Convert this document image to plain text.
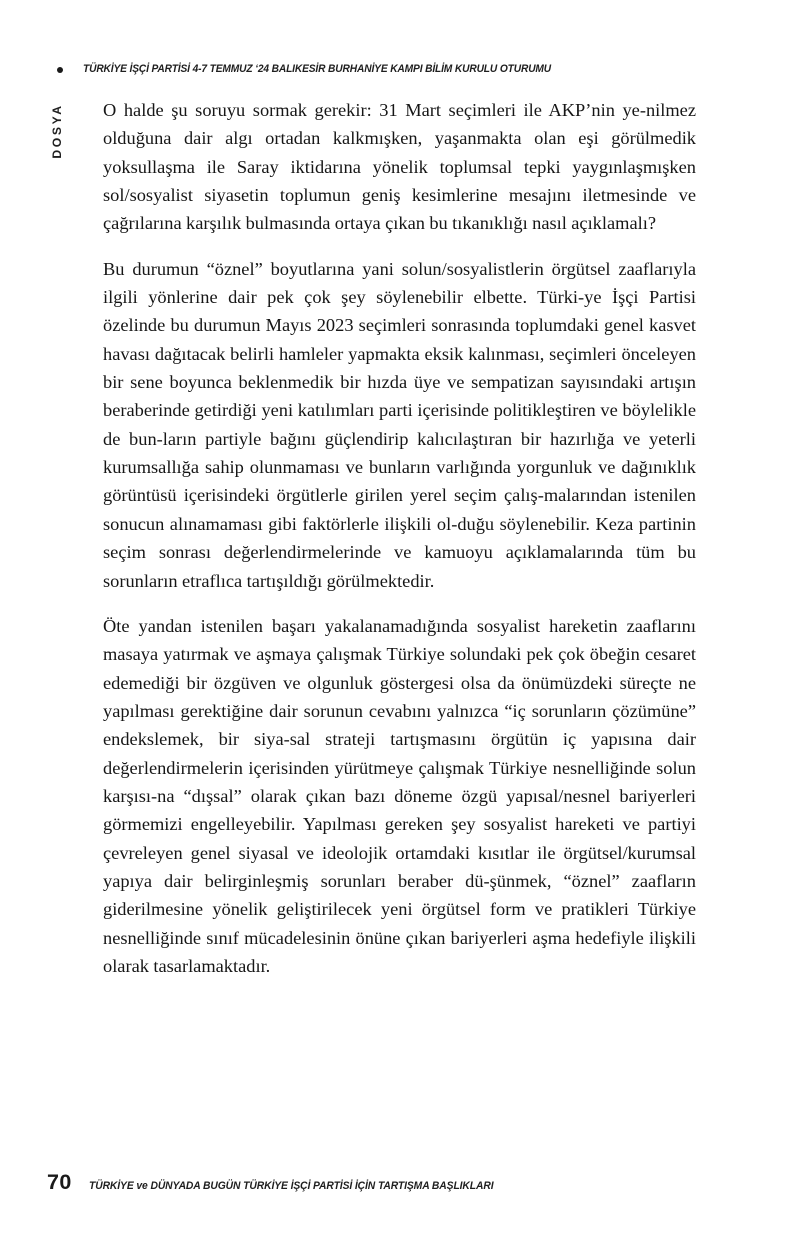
TÜRKİYE İŞÇİ PARTİSİ 4-7 TEMMUZ ‘24 BALIKESİR BURHANİYE KAMPI BİLİM KURULU OTURUMU
DOSYA O halde şu soruyu sormak gerekir: 31 Mart seçimleri ile AKP’nin ye-nilmez olduğuna dair algı ortadan kalkmışken, yaşanmakta olan eşi görülmedik yoksullaşma ile Saray iktidarına yönelik toplumsal tepki yaygınlaşmışken sol/sosyalist siyasetin toplumun geniş kesimlerine mesajını iletmesinde ve çağrılarına karşılık bulmasında ortaya çıkan bu tıkanıklığı nasıl açıklamalı?

Bu durumun “öznel” boyutlarına yani solun/sosyalistlerin örgütsel zaaflarıyla ilgili yönlerine dair pek çok şey söylenebilir elbette. Türki-ye İşçi Partisi özelinde bu durumun Mayıs 2023 seçimleri sonrasında toplumdaki genel kasvet havası dağıtacak belirli hamleler yapmakta eksik kalınması, seçimleri önceleyen bir sene boyunca beklenmedik bir hızda üye ve sempatizan sayısındaki artışın beraberinde getirdiği yeni katılımları parti içerisinde politikleştiren ve böylelikle de bun-ların partiyle bağını güçlendirip kalıcılaştıran bir hazırlığa ve yeterli kurumsallığa sahip olunmaması ve bunların varlığında yorgunluk ve dağınıklık görüntüsü içerisindeki örgütlerle girilen yerel seçim çalış-malarından istenilen sonucun alınamaması gibi faktörlerle ilişkili ol-duğu söylenebilir. Keza partinin seçim sonrası değerlendirmelerinde ve kamuoyu açıklamalarında tüm bu sorunların etraflıca tartışıldığı görülmektedir.

Öte yandan istenilen başarı yakalanamadığında sosyalist hareketin zaaflarını masaya yatırmak ve aşmaya çalışmak Türkiye solundaki pek çok öbeğin cesaret edemediği bir özgüven ve olgunluk göstergesi olsa da önümüzdeki süreçte ne yapılması gerektiğine dair sorunun cevabını yalnızca “iç sorunların çözümüne” endekslemek, bir siya-sal strateji tartışmasını örgütün iç yapısına dair değerlendirmelerin içerisinden yürütmeye çalışmak Türkiye nesnelliğinde solun karşısı-na “dışsal” olarak çıkan bazı döneme özgü yapısal/nesnel bariyerleri görmemizi engelleyebilir. Yapılması gereken şey sosyalist hareketi ve partiyi çevreleyen genel siyasal ve ideolojik ortamdaki kısıtlar ile örgütsel/kurumsal yapıya dair belirginleşmiş sorunları beraber dü-şünmek, “öznel” zaafların giderilmesine yönelik geliştirilecek yeni örgütsel form ve pratikleri Türkiye nesnelliğinde sınıf mücadelesinin önüne çıkan bariyerleri aşma hedefiyle ilişkili olarak tasarlamaktadır.

70 TÜRKİYE ve DÜNYADA BUGÜN TÜRKİYE İŞÇİ PARTİSİ İÇİN TARTIŞMA BAŞLIKLARI
